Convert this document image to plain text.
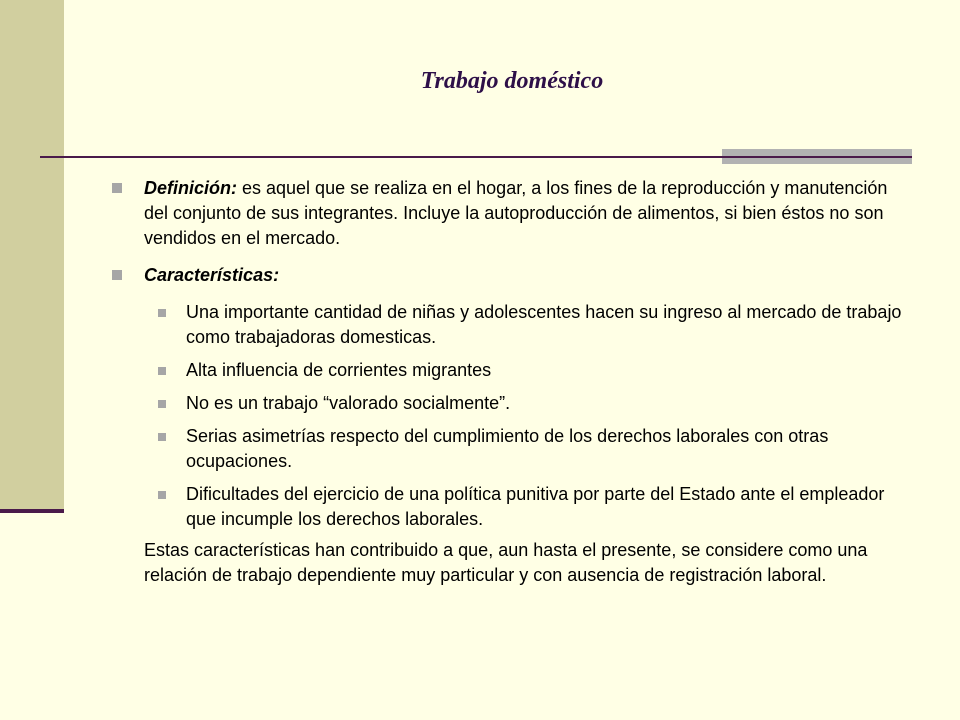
Trabajo doméstico
Definición: es aquel que se realiza en el hogar, a los fines de la reproducción y manutención del conjunto de sus integrantes. Incluye la autoproducción de alimentos, si bien éstos no son vendidos en el mercado.
Características:
Una importante cantidad de niñas y adolescentes hacen su ingreso al mercado de trabajo como trabajadoras domesticas.
Alta influencia de corrientes migrantes
No es un trabajo “valorado socialmente”.
Serias asimetrías respecto del cumplimiento de los derechos laborales con otras ocupaciones.
Dificultades del ejercicio de una política punitiva por parte del Estado ante el empleador que incumple los derechos laborales.
Estas características han contribuido a que, aun hasta el presente, se considere como una relación de trabajo dependiente muy particular y con ausencia de registración laboral.
